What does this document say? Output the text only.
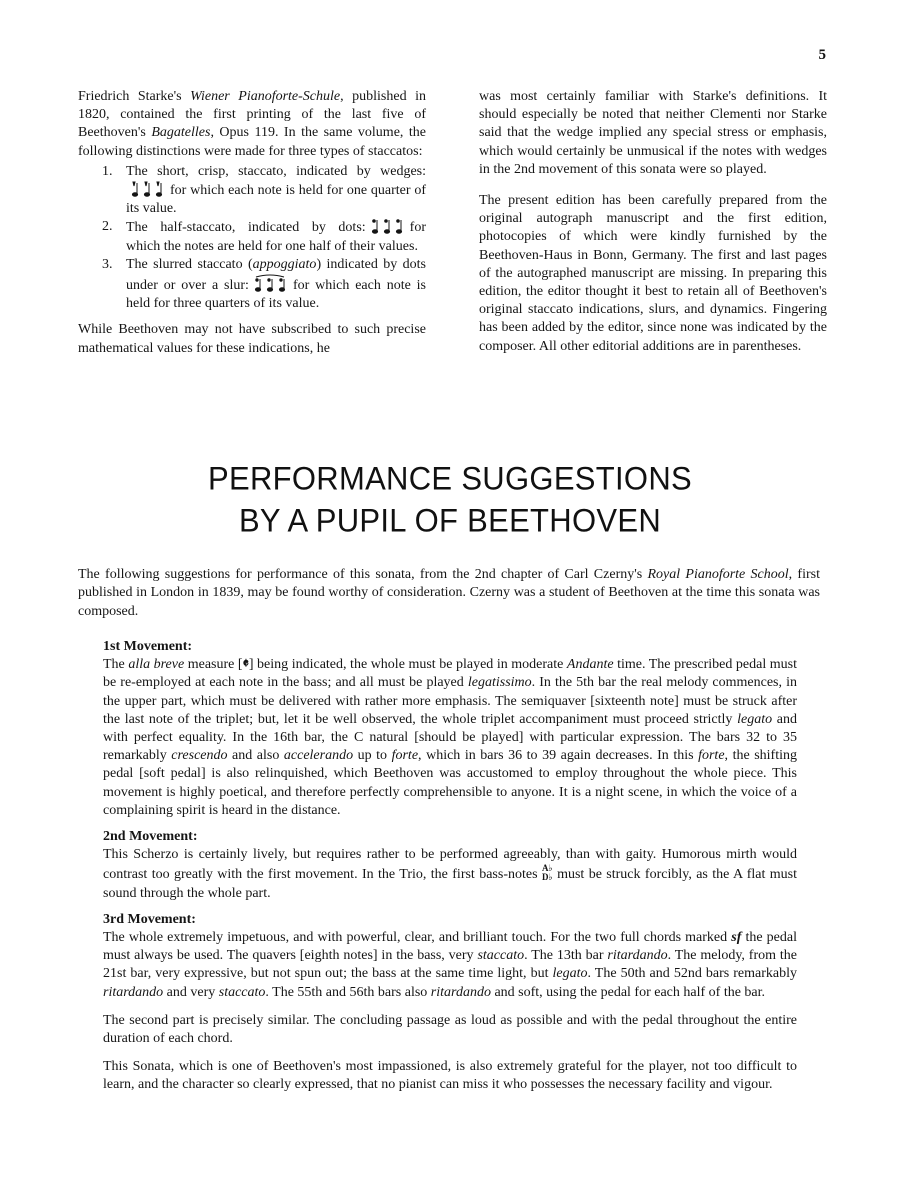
5

Friedrich Starke's Wiener Pianoforte-Schule, published in 1820, contained the first printing of the last five of Beethoven's Bagatelles, Opus 119. In the same volume, the following distinctions were made for three types of staccatos:

1. The short, crisp, staccato, indicated by wedges:
for which each note is held for one quarter of its value.
2. The half-staccato, indicated by dots:	for which the notes are held for one half of their values.
3. The slurred staccato (appoggiato) indicated by dots under or over a slur:	for which each note is held for three quarters of its value.

While Beethoven may not have subscribed to such precise mathematical values for these indications, he

was most certainly familiar with Starke's definitions. It should especially be noted that neither Clementi nor Starke said that the wedge implied any special stress or emphasis, which would certainly be unmusical if the notes with wedges in the 2nd movement of this sonata were so played.

The present edition has been carefully prepared from the original autograph manuscript and the first edition, photocopies of which were kindly furnished by the Beethoven-Haus in Bonn, Germany. The first and last pages of the autographed manuscript are missing. In preparing this edition, the editor thought it best to retain all of Beethoven's original staccato indications, slurs, and dynamics. Fingering has been added by the editor, since none was indicated by the composer. All other editorial additions are in parentheses.

PERFORMANCE SUGGESTIONS
BY A PUPIL OF BEETHOVEN

The following suggestions for performance of this sonata, from the 2nd chapter of Carl Czerny's Royal Pianoforte School, first published in London in 1839, may be found worthy of consideration. Czerny was a student of Beethoven at the time this sonata was composed.

1st Movement:

The alla breve measure [𝄵] being indicated, the whole must be played in moderate Andante time. The prescribed pedal must be re-employed at each note in the bass; and all must be played legatissimo. In the 5th bar the real melody commences, in the upper part, which must be delivered with rather more emphasis. The semiquaver [sixteenth note] must be struck after the last note of the triplet; but, let it be well observed, the whole triplet accompaniment must proceed strictly legato and with perfect equality. In the 16th bar, the C natural [should be played] with particular expression. The bars 32 to 35 remarkably crescendo and also accelerando up to forte, which in bars 36 to 39 again decreases. In this forte, the shifting pedal [soft pedal] is also relinquished, which Beethoven was accustomed to employ throughout the whole piece. This movement is highly poetical, and therefore perfectly comprehensible to anyone. It is a night scene, in which the voice of a complaining spirit is heard in the distance.

2nd Movement:

This Scherzo is certainly lively, but requires rather to be performed agreeably, than with gaity. Humorous mirth would contrast too greatly with the first movement. In the Trio, the first bass-notes A♭
D♭ must be struck forcibly, as the A flat must sound through the whole part.

3rd Movement:

The whole extremely impetuous, and with powerful, clear, and brilliant touch. For the two full chords marked sf the pedal must always be used. The quavers [eighth notes] in the bass, very staccato. The 13th bar ritardando. The melody, from the 21st bar, very expressive, but not spun out; the bass at the same time light, but legato. The 50th and 52nd bars remarkably ritardando and very staccato. The 55th and 56th bars also ritardando and soft, using the pedal for each half of the bar.

The second part is precisely similar. The concluding passage as loud as possible and with the pedal throughout the entire duration of each chord.

This Sonata, which is one of Beethoven's most impassioned, is also extremely grateful for the player, not too difficult to learn, and the character so clearly expressed, that no pianist can miss it who possesses the necessary facility and vigour.
